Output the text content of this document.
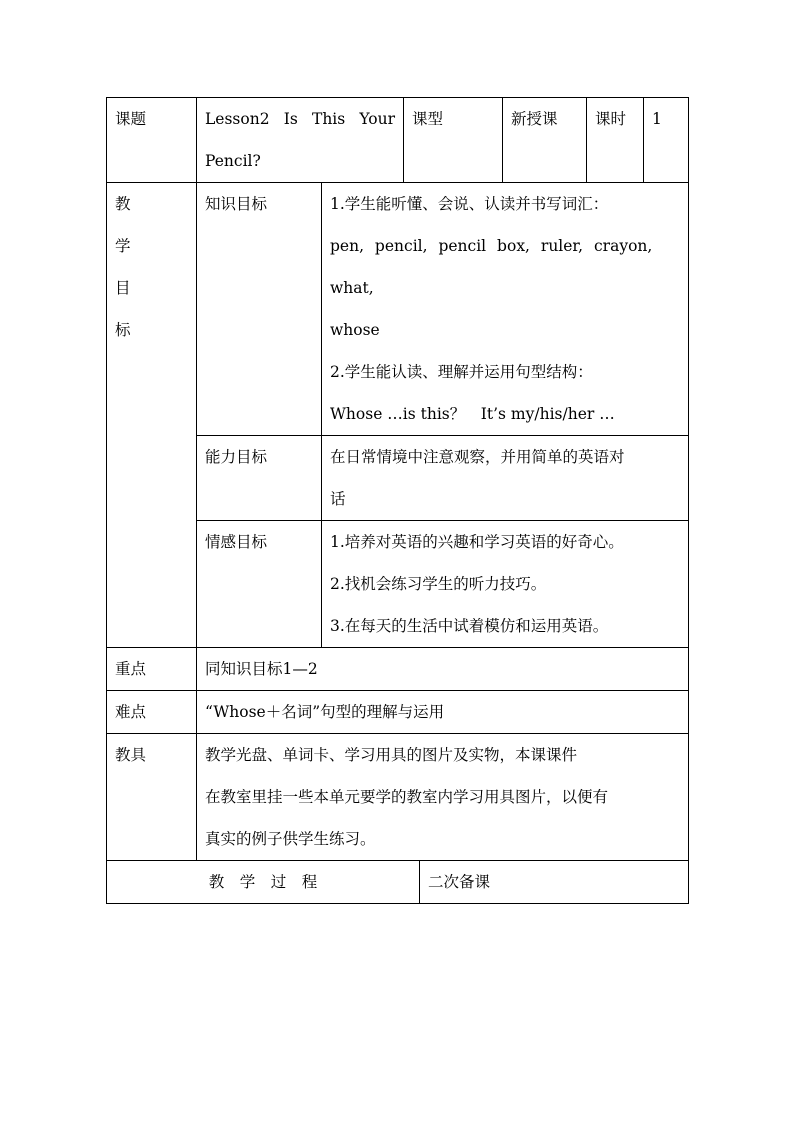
课题	Lesson2 Is This Your Pencil?		课型		新授课	课时	1

教
学
目
标	知识目标	1.学生能听懂、会说、认读并书写词汇：
pen, pencil, pencil box, ruler, crayon, what,
whose
2.学生能认读、理解并运用句型结构：
Whose …is this？　It’s my/his/her …					

	能力目标	在日常情境中注意观察，并用简单的英语对
话					

	情感目标	1.培养对英语的兴趣和学习英语的好奇心。
2.找机会练习学生的听力技巧。
3.在每天的生活中试着模仿和运用英语。					

重点	同知识目标1—2						
难点	“Whose＋名词”句型的理解与运用						
教具	教学光盘、单词卡、学习用具的图片及实物，本课课件
在教室里挂一些本单元要学的教室内学习用具图片，以便有
真实的例子供学生练习。						

教　学　过　程				二次备课			
